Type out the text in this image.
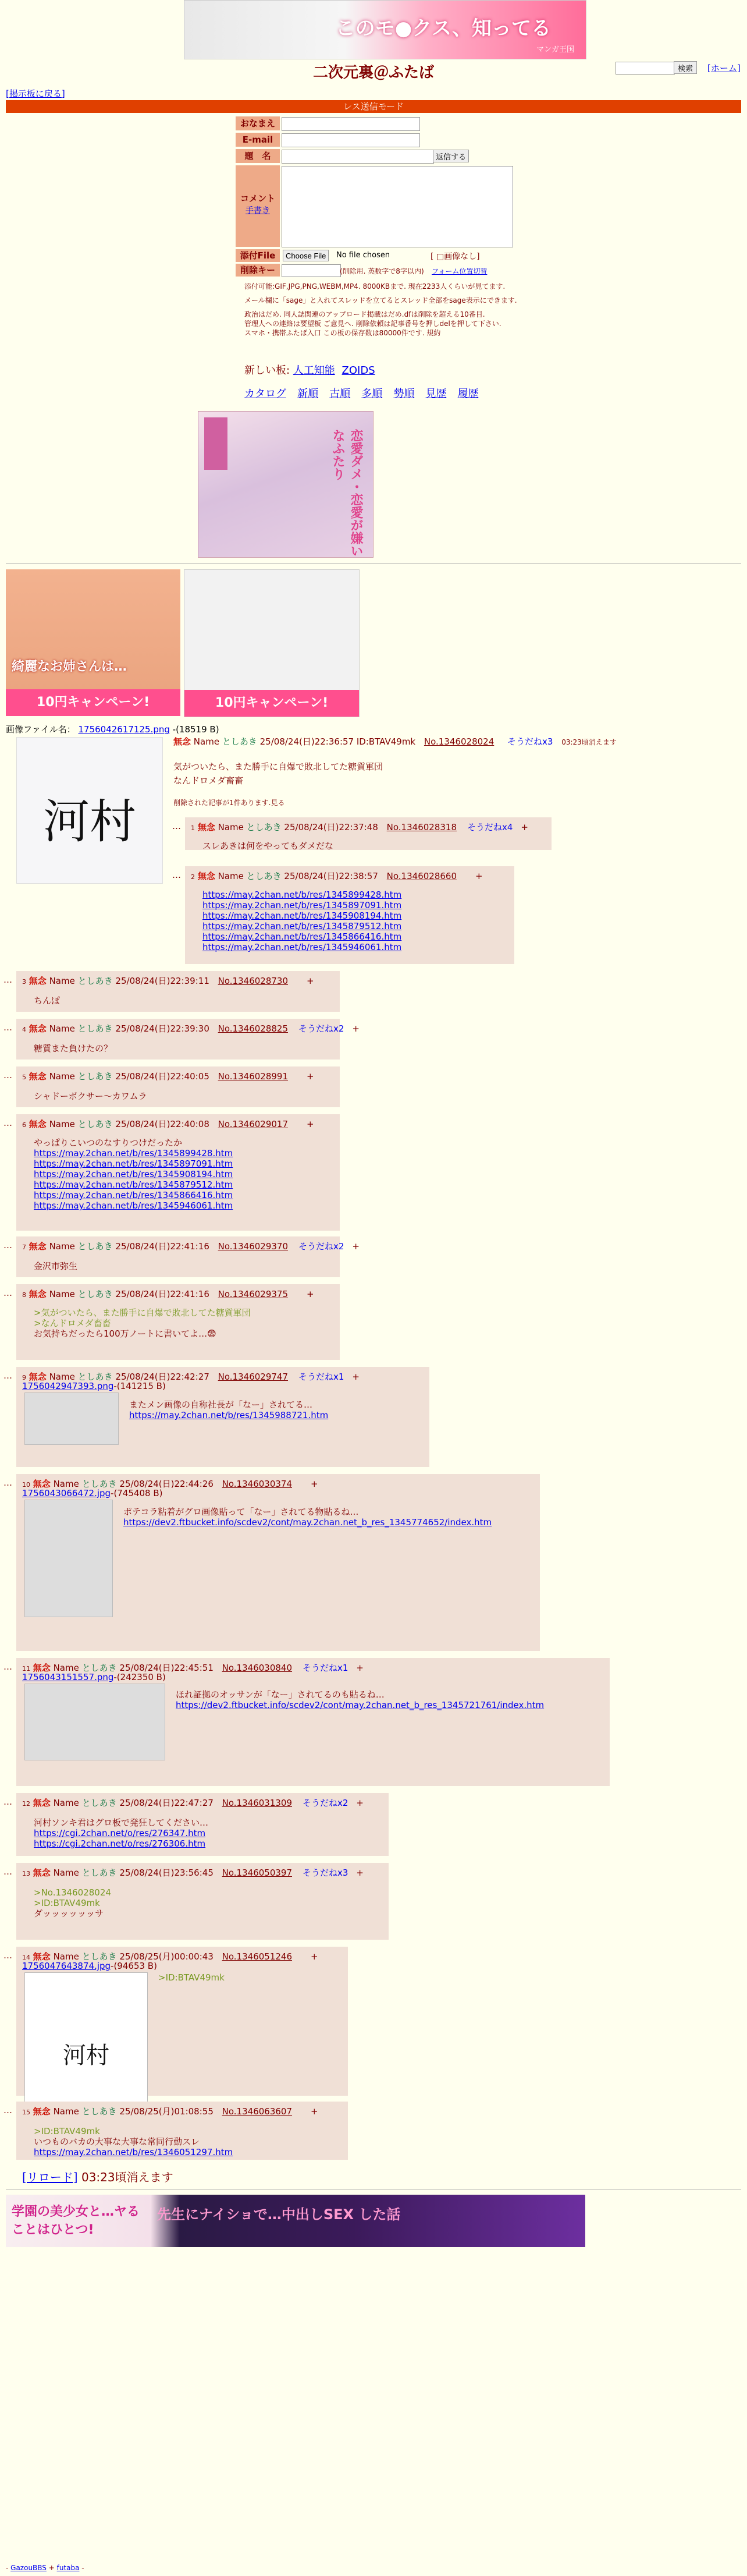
このモ●クス、知ってる
マンガ王国
二次元裏＠ふたば	検索	[ホーム]
[掲示板に戻る]
レス送信モード
おなまえ
E-mail
題　名	返信する
コメント
手書き
添付File	Choose File	No file chosen	[ □画像なし]
削除キー	(削除用. 英数字で8字以内) フォーム位置切替
添付可能:GIF,JPG,PNG,WEBM,MP4. 8000KBまで. 現在2233人くらいが見てます.
メール欄に「sage」と入れてスレッドを立てるとスレッド全部をsage表示にできます.
政治はだめ. 同人誌関連のアップロード掲載はだめ.dfは削除を超える10番目.
管理人への連絡は要望板 ご意見へ. 削除依頼は記事番号を押しdelを押して下さい.
スマホ・携帯ふたば入口 この板の保存数は80000件です. 規約
新しい板: 人工知能 ZOIDS
カタログ 新順 古順 多順 勢順 見歴 履歴
恋愛ダメ・恋愛が嫌いなふたり
綺麗なお姉さんは…
10円キャンペーン!	10円キャンペーン!
画像ファイル名： 1756042617125.png -(18519 B)
河村
無念 Name としあき 25/08/24(日)22:36:57 ID:BTAV49mk No.1346028024 そうだねx3 03:23頃消えます
気がついたら、また勝手に自爆で敗北してた糖質軍団
なんドロメダ畜畜
削除された記事が1件あります.見る
… 1 無念 Name としあき 25/08/24(日)22:37:48 No.1346028318 そうだねx4 +
スレあきは何をやってもダメだな
… 2 無念 Name としあき 25/08/24(日)22:38:57 No.1346028660 +
https://may.2chan.net/b/res/1345899428.htm
https://may.2chan.net/b/res/1345897091.htm
https://may.2chan.net/b/res/1345908194.htm
https://may.2chan.net/b/res/1345879512.htm
https://may.2chan.net/b/res/1345866416.htm
https://may.2chan.net/b/res/1345946061.htm
… 3 無念 Name としあき 25/08/24(日)22:39:11 No.1346028730 +
ちんぽ
… 4 無念 Name としあき 25/08/24(日)22:39:30 No.1346028825 そうだねx2 +
糖質また負けたの？
… 5 無念 Name としあき 25/08/24(日)22:40:05 No.1346028991 +
シャドーボクサー〜カワムラ
… 6 無念 Name としあき 25/08/24(日)22:40:08 No.1346029017 +
やっぱりこいつのなすりつけだったか
https://may.2chan.net/b/res/1345899428.htm
https://may.2chan.net/b/res/1345897091.htm
https://may.2chan.net/b/res/1345908194.htm
https://may.2chan.net/b/res/1345879512.htm
https://may.2chan.net/b/res/1345866416.htm
https://may.2chan.net/b/res/1345946061.htm
… 7 無念 Name としあき 25/08/24(日)22:41:16 No.1346029370 そうだねx2 +
金沢市弥生
… 8 無念 Name としあき 25/08/24(日)22:41:16 No.1346029375 +
>気がついたら、また勝手に自爆で敗北してた糖質軍団
>なんドロメダ畜畜
お気持ちだったら100万ノートに書いてよ…😨
… 9 無念 Name としあき 25/08/24(日)22:42:27 No.1346029747 そうだねx1 +
1756042947393.png-(141215 B)
またメン画像の自称社長が「なー」されてる…
https://may.2chan.net/b/res/1345988721.htm
… 10 無念 Name としあき 25/08/24(日)22:44:26 No.1346030374 +
1756043066472.jpg-(745408 B)
ポテコラ粘着がグロ画像貼って「なー」されてる物貼るね…
https://dev2.ftbucket.info/scdev2/cont/may.2chan.net_b_res_1345774652/index.htm
… 11 無念 Name としあき 25/08/24(日)22:45:51 No.1346030840 そうだねx1 +
1756043151557.png-(242350 B)
ほれ証拠のオッサンが「なー」されてるのも貼るね…
https://dev2.ftbucket.info/scdev2/cont/may.2chan.net_b_res_1345721761/index.htm
… 12 無念 Name としあき 25/08/24(日)22:47:27 No.1346031309 そうだねx2 +
河村ソンキ君はグロ板で発狂してください…
https://cgi.2chan.net/o/res/276347.htm
https://cgi.2chan.net/o/res/276306.htm
… 13 無念 Name としあき 25/08/24(日)23:56:45 No.1346050397 そうだねx3 +
>No.1346028024
>ID:BTAV49mk
ダッッッッッッサ
… 14 無念 Name としあき 25/08/25(月)00:00:43 No.1346051246 +
1756047643874.jpg-(94653 B)
河村
>ID:BTAV49mk
… 15 無念 Name としあき 25/08/25(月)01:08:55 No.1346063607 +
>ID:BTAV49mk
いつものバカの大事な大事な常同行動スレ
https://may.2chan.net/b/res/1346051297.htm
[リロード] 03:23頃消えます
学園の美少女と…ヤることはひとつ!
先生にナイショで…中出しSEX した話
- GazouBBS + futaba -
